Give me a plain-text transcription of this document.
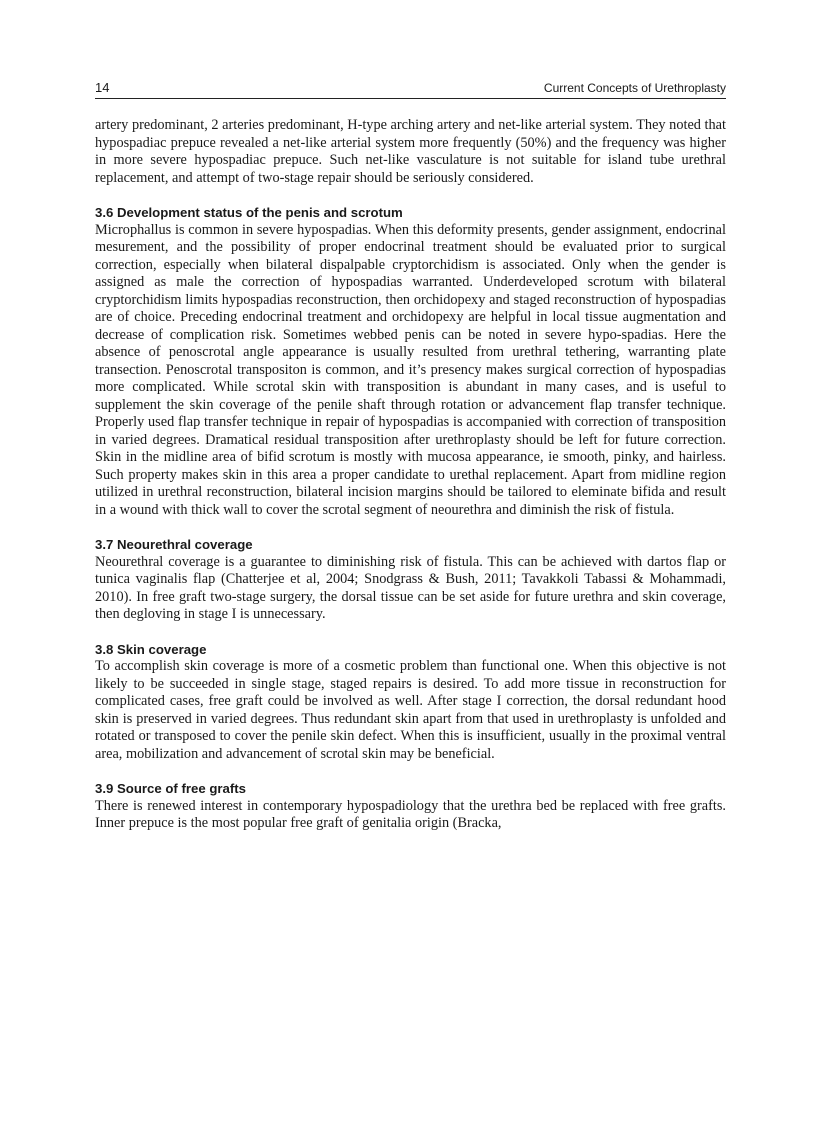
14	Current Concepts of Urethroplasty

artery predominant, 2 arteries predominant, H-type arching artery and net-like arterial system. They noted that hypospadiac prepuce revealed a net-like arterial system more frequently (50%) and the frequency was higher in more severe hypospadiac prepuce. Such net-like vasculature is not suitable for island tube urethral replacement, and attempt of two-stage repair should be seriously considered.

3.6 Development status of the penis and scrotum

Microphallus is common in severe hypospadias. When this deformity presents, gender assignment, endocrinal mesurement, and the possibility of proper endocrinal treatment should be evaluated prior to surgical correction, especially when bilateral dispalpable cryptorchidism is associated. Only when the gender is assigned as male the correction of hypospadias warranted. Underdeveloped scrotum with bilateral cryptorchidism limits hypospadias reconstruction, then orchidopexy and staged reconstruction of hypospadias are of choice. Preceding endocrinal treatment and orchidopexy are helpful in local tissue augmentation and decrease of complication risk. Sometimes webbed penis can be noted in severe hypo-spadias. Here the absence of penoscrotal angle appearance is usually resulted from urethral tethering, warranting plate transection. Penoscrotal transpositon is common, and it’s presency makes surgical correction of hypospadias more complicated. While scrotal skin with transposition is abundant in many cases, and is useful to supplement the skin coverage of the penile shaft through rotation or advancement flap transfer technique. Properly used flap transfer technique in repair of hypospadias is accompanied with correction of transposition in varied degrees. Dramatical residual transposition after urethroplasty should be left for future correction. Skin in the midline area of bifid scrotum is mostly with mucosa appearance, ie smooth, pinky, and hairless. Such property makes skin in this area a proper candidate to urethal replacement. Apart from midline region utilized in urethral reconstruction, bilateral incision margins should be tailored to eleminate bifida and result in a wound with thick wall to cover the scrotal segment of neourethra and diminish the risk of fistula.

3.7 Neourethral coverage

Neourethral coverage is a guarantee to diminishing risk of fistula. This can be achieved with dartos flap or tunica vaginalis flap (Chatterjee et al, 2004; Snodgrass & Bush, 2011; Tavakkoli Tabassi & Mohammadi, 2010). In free graft two-stage surgery, the dorsal tissue can be set aside for future urethra and skin coverage, then degloving in stage I is unnecessary.

3.8 Skin coverage

To accomplish skin coverage is more of a cosmetic problem than functional one. When this objective is not likely to be succeeded in single stage, staged repairs is desired. To add more tissue in reconstruction for complicated cases, free graft could be involved as well. After stage I correction, the dorsal redundant hood skin is preserved in varied degrees. Thus redundant skin apart from that used in urethroplasty is unfolded and rotated or transposed to cover the penile skin defect. When this is insufficient, usually in the proximal ventral area, mobilization and advancement of scrotal skin may be beneficial.

3.9 Source of free grafts

There is renewed interest in contemporary hypospadiology that the urethra bed be replaced with free grafts. Inner prepuce is the most popular free graft of genitalia origin (Bracka,
